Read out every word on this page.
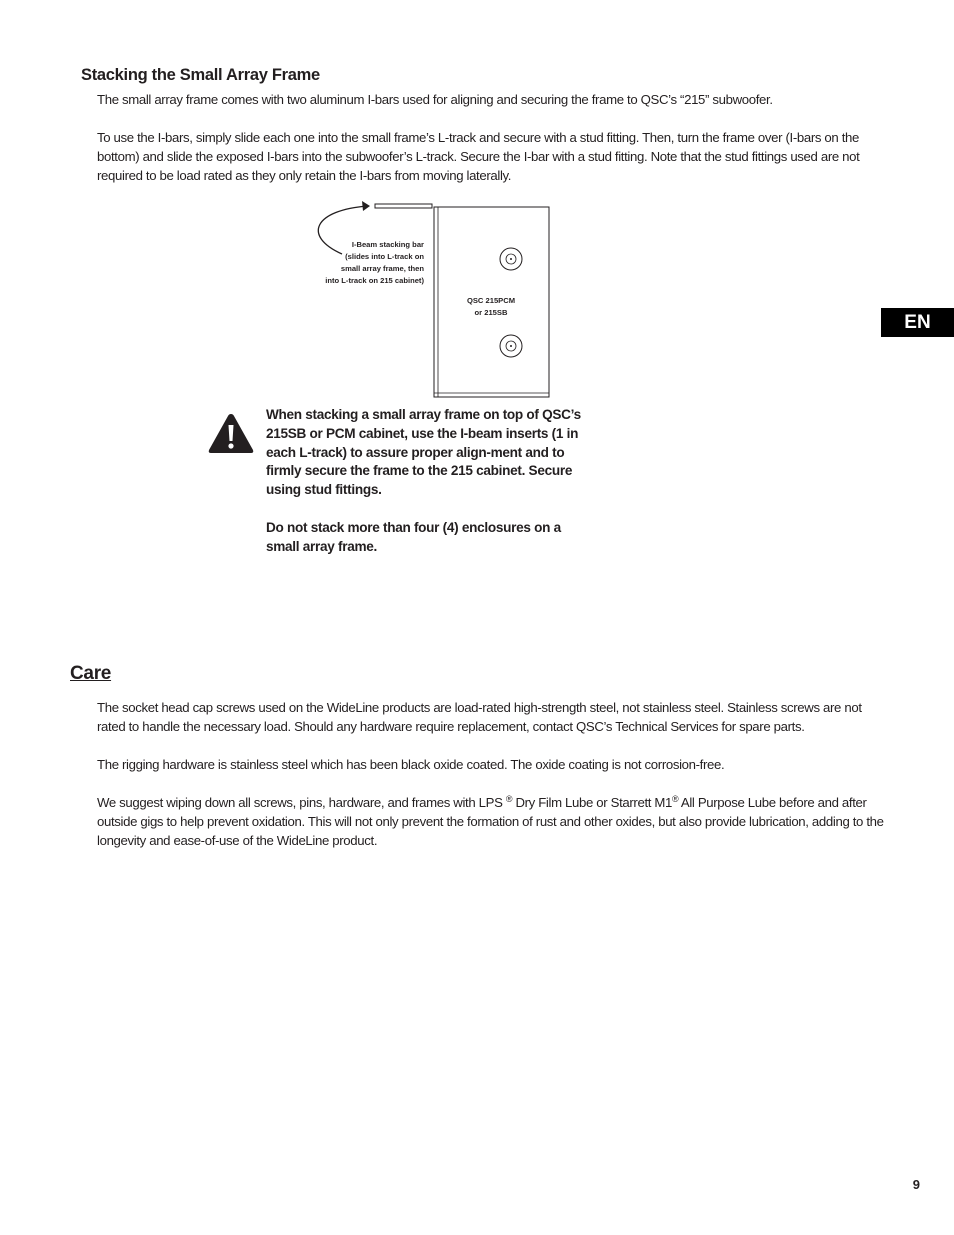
Stacking the Small Array Frame

The small array frame comes with two aluminum I-bars used for aligning and securing the frame to QSC’s “215” subwoofer.

To use the I-bars, simply slide each one into the small frame’s L-track and secure with a stud fitting. Then, turn the frame over (I-bars on the bottom) and slide the exposed I-bars into the subwoofer’s L-track. Secure the I-bar with a stud fitting. Note that the stud fittings used are not required to be load rated as they only retain the I-bars from moving laterally.

I-Beam stacking bar
(slides into L-track on
small array frame, then
into L-track on 215 cabinet)
QSC 215PCM
or 215SB

When stacking a small array frame on top of QSC’s 215SB or PCM cabinet, use the I-beam inserts (1 in each L-track) to assure proper align-ment and to firmly secure the frame to the 215 cabinet. Secure using stud fittings.

Do not stack more than four (4) enclosures on a small array frame.

Care

The socket head cap screws used on the WideLine products are load-rated high-strength steel, not stainless steel. Stainless screws are not rated to handle the necessary load. Should any hardware require replacement, contact QSC’s Technical Services for spare parts.

The rigging hardware is stainless steel which has been black oxide coated. The oxide coating is not corrosion-free.

We suggest wiping down all screws, pins, hardware, and frames with LPS ® Dry Film Lube or Starrett M1® All Purpose Lube before and after outside gigs to help prevent oxidation. This will not only prevent the formation of rust and other oxides, but also provide lubrication, adding to the longevity and ease-of-use of the WideLine product.

EN
9
